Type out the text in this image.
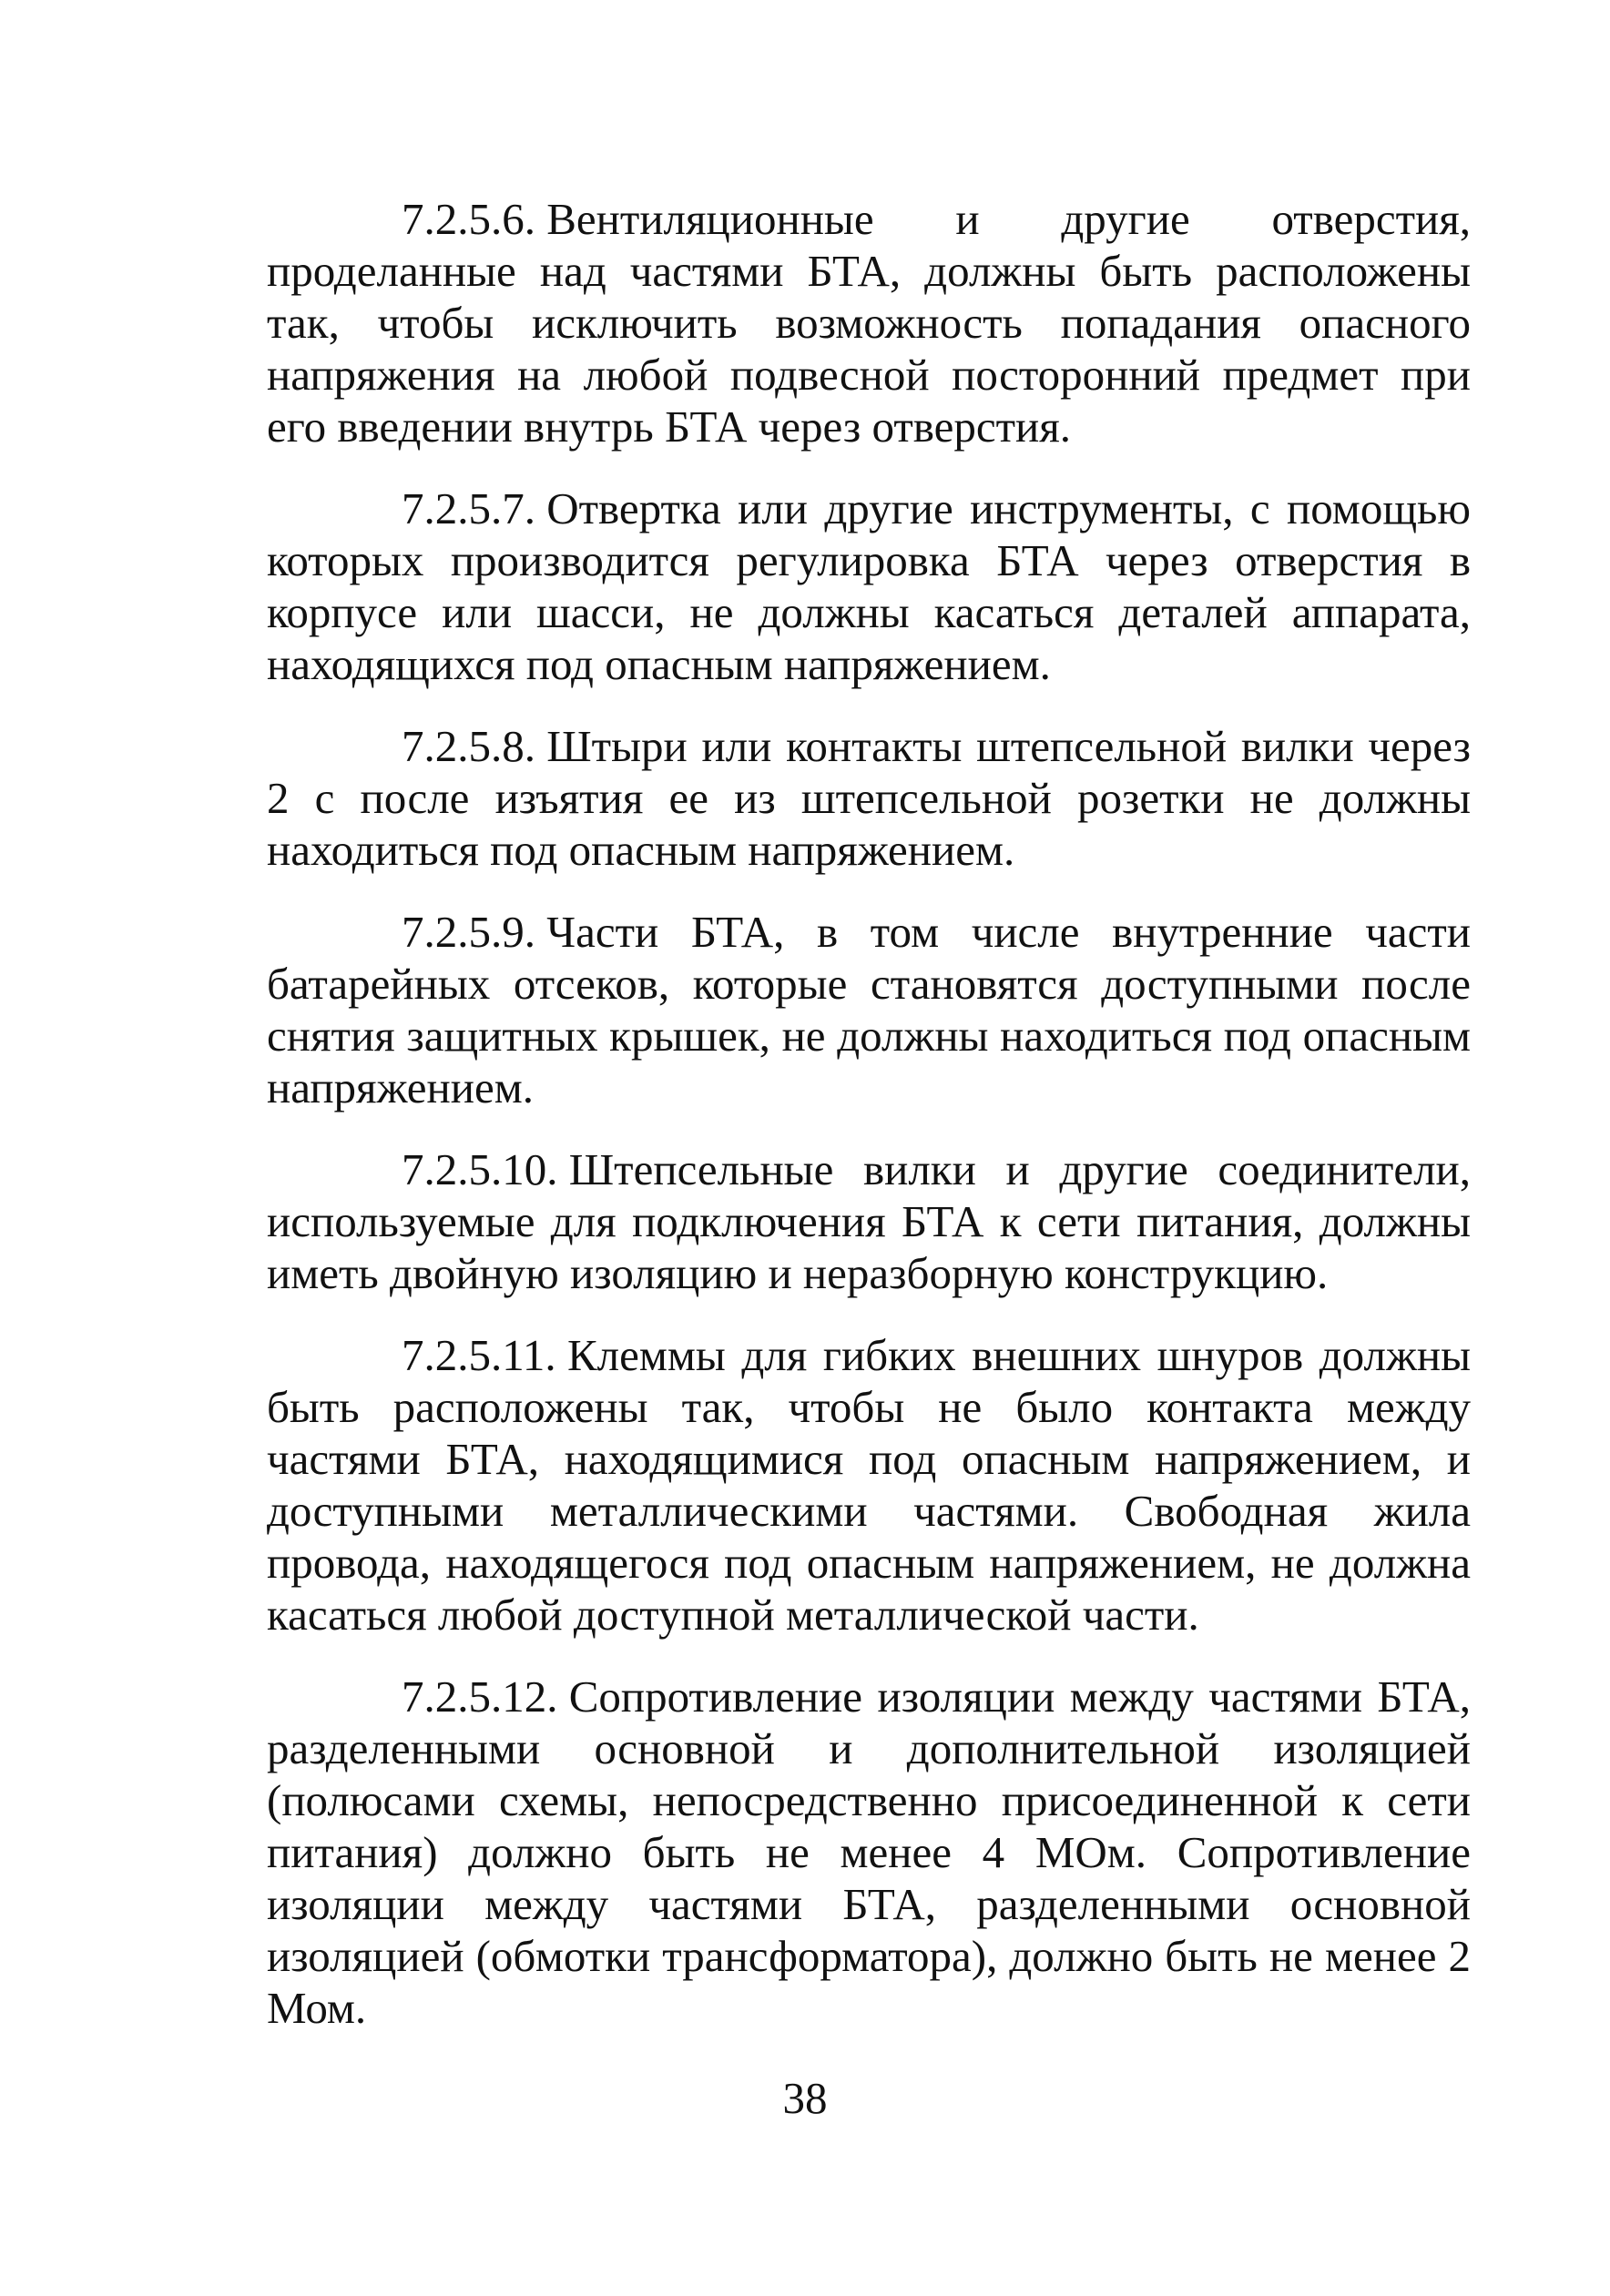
7.2.5.6. Вентиляционные и другие отверстия, проделанные над частями БТА, должны быть расположены так, чтобы исключить возможность попадания опасного напряжения на любой подвесной посторонний предмет при его введении внутрь БТА через отверстия.

7.2.5.7. Отвертка или другие инструменты, с помощью которых производится регулировка БТА через отверстия в корпусе или шасси, не должны касаться деталей аппарата, находящихся под опасным напряжением.

7.2.5.8. Штыри или контакты штепсельной вилки через 2 с после изъятия ее из штепсельной розетки не должны находиться под опасным напряжением.

7.2.5.9. Части БТА, в том числе внутренние части батарейных отсеков, которые становятся доступными после снятия защитных крышек, не должны находиться под опасным напряжением.

7.2.5.10. Штепсельные вилки и другие соединители, используемые для подключения БТА к сети питания, должны иметь двойную изоляцию и неразборную конструкцию.

7.2.5.11. Клеммы для гибких внешних шнуров должны быть расположены так, чтобы не было контакта между частями БТА, находящимися под опасным напряжением, и доступными металлическими частями. Свободная жила провода, находящегося под опасным напряжением, не должна касаться любой доступной металлической части.

7.2.5.12. Сопротивление изоляции между частями БТА, разделенными основной и дополнительной изоляцией (полюсами схемы, непосредственно присоединенной к сети питания) должно быть не менее 4 МОм. Сопротивление изоляции между частями БТА, разделенными основной изоляцией (обмотки трансформатора), должно быть не менее 2 Мом.

38
